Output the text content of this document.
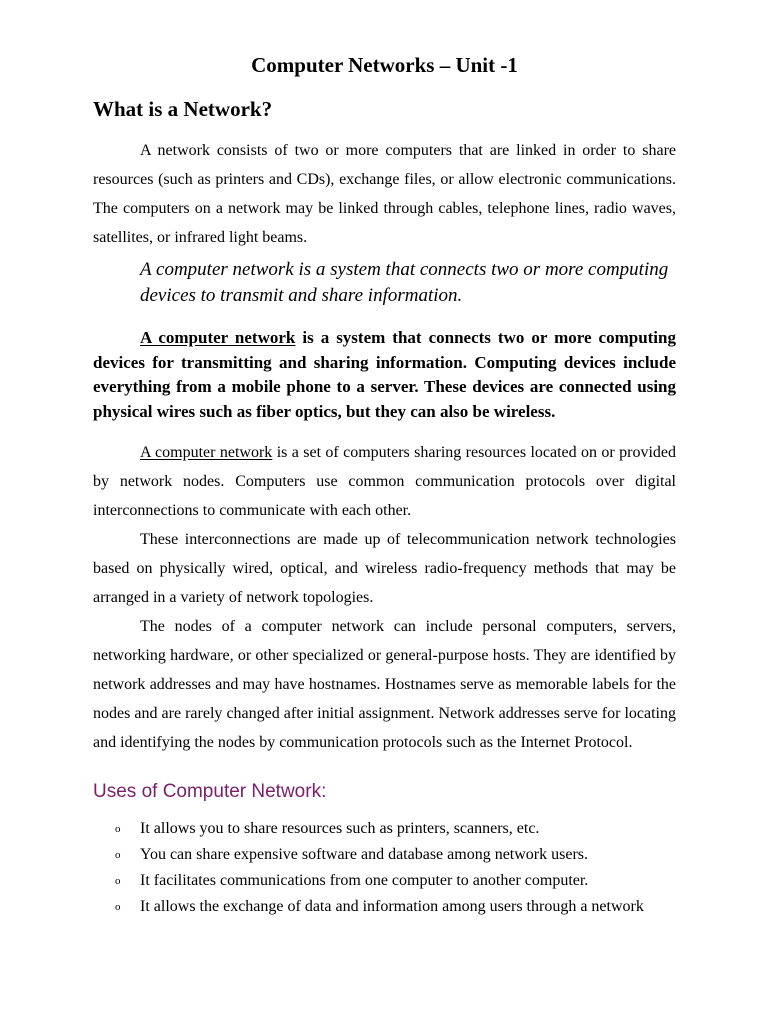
Computer Networks – Unit -1
What is a Network?

A network consists of two or more computers that are linked in order to share resources (such as printers and CDs), exchange files, or allow electronic communications. The computers on a network may be linked through cables, telephone lines, radio waves, satellites, or infrared light beams.

A computer network is a system that connects two or more computing devices to transmit and share information.

A computer network is a system that connects two or more computing devices for transmitting and sharing information. Computing devices include everything from a mobile phone to a server. These devices are connected using physical wires such as fiber optics, but they can also be wireless.

A computer network is a set of computers sharing resources located on or provided by network nodes. Computers use common communication protocols over digital interconnections to communicate with each other.

These interconnections are made up of telecommunication network technologies based on physically wired, optical, and wireless radio-frequency methods that may be arranged in a variety of network topologies.

The nodes of a computer network can include personal computers, servers, networking hardware, or other specialized or general-purpose hosts. They are identified by network addresses and may have hostnames. Hostnames serve as memorable labels for the nodes and are rarely changed after initial assignment. Network addresses serve for locating and identifying the nodes by communication protocols such as the Internet Protocol.

Uses of Computer Network:
o It allows you to share resources such as printers, scanners, etc.
o You can share expensive software and database among network users.
o It facilitates communications from one computer to another computer.
o It allows the exchange of data and information among users through a network
